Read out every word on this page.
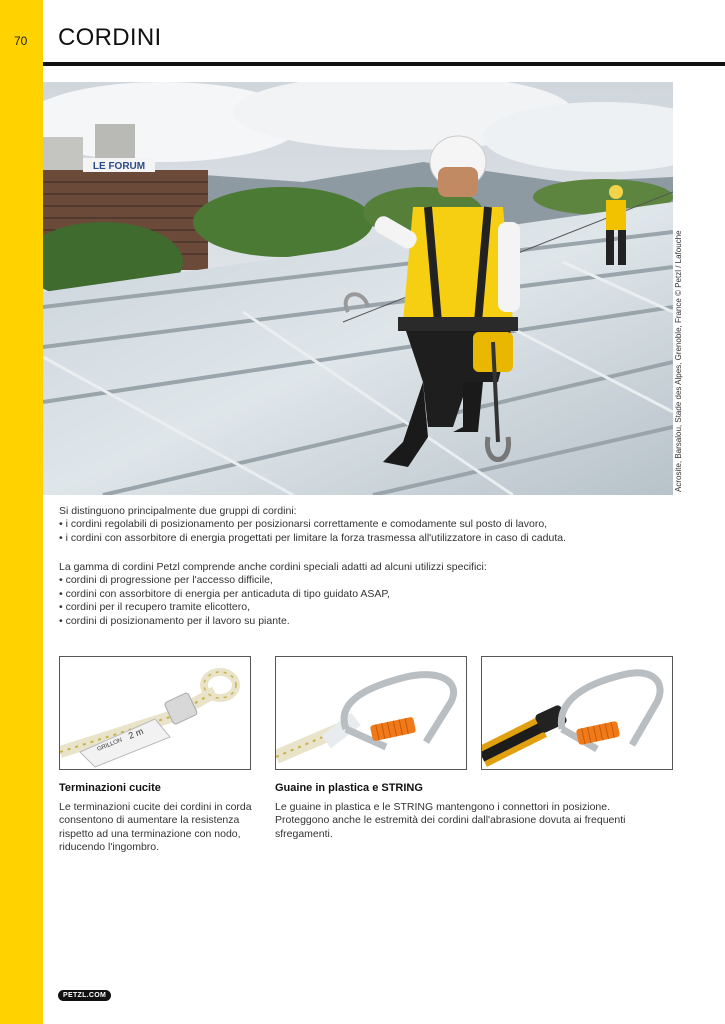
70 CORDINI
LE FORUM
Acrosite, Barsalou, Stade des Alpes, Grenoble, France © Petzl / Lafouche

Si distinguono principalmente due gruppi di cordini:

• i cordini regolabili di posizionamento per posizionarsi correttamente e comodamente sul posto di lavoro,
• i cordini con assorbitore di energia progettati per limitare la forza trasmessa all'utilizzatore in caso di caduta.

La gamma di cordini Petzl comprende anche cordini speciali adatti ad alcuni utilizzi specifici:

• cordini di progressione per l'accesso difficile,
• cordini con assorbitore di energia per anticaduta di tipo guidato ASAP,
• cordini per il recupero tramite elicottero,
• cordini di posizionamento per il lavoro su piante.
GRILLON
2 m
Terminazioni cucite
Le terminazioni cucite dei cordini in corda consentono di aumentare la resistenza rispetto ad una terminazione con nodo, riducendo l'ingombro.
Guaine in plastica e STRING
Le guaine in plastica e le STRING mantengono i connettori in posizione. Proteggono anche le estremità dei cordini dall'abrasione dovuta ai frequenti sfregamenti.
PETZL.COM
